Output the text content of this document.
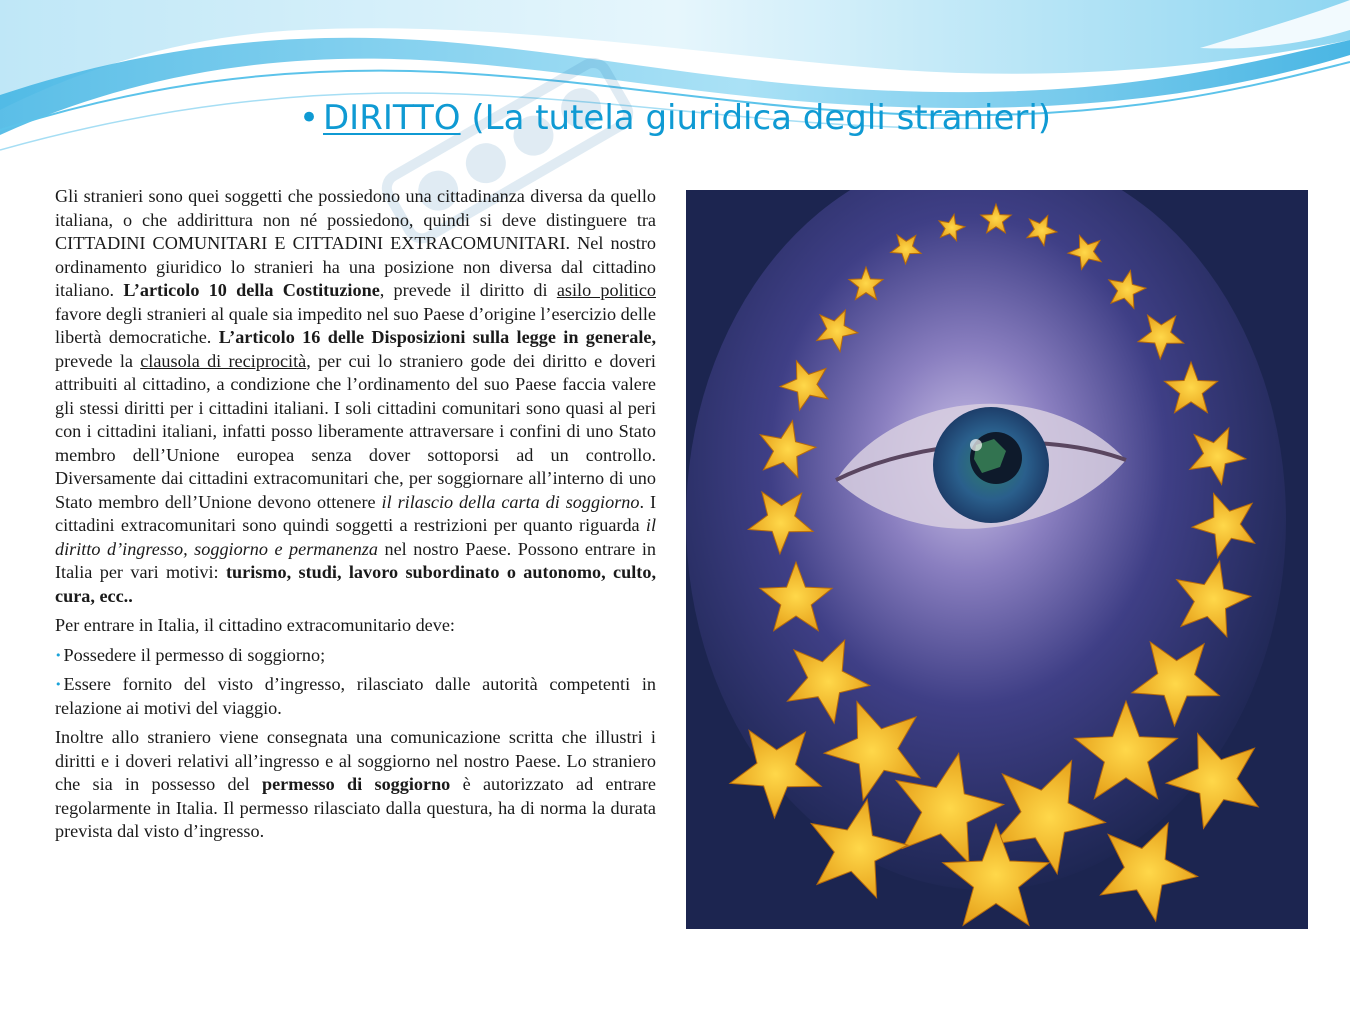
• DIRITTO (La tutela giuridica degli stranieri)

Gli stranieri sono quei soggetti che possiedono una cittadinanza diversa da quello italiana, o che addirittura non né possiedono, quindi si deve distinguere tra CITTADINI COMUNITARI E CITTADINI EXTRACOMUNITARI. Nel nostro ordinamento giuridico lo stranieri ha una posizione non diversa dal cittadino italiano. L’articolo 10 della Costituzione, prevede il diritto di asilo politico favore degli stranieri al quale sia impedito nel suo Paese d’origine l’esercizio delle libertà democratiche. L’articolo 16 delle Disposizioni sulla legge in generale, prevede la clausola di reciprocità, per cui lo straniero gode dei diritto e doveri attribuiti al cittadino, a condizione che l’ordinamento del suo Paese faccia valere gli stessi diritti per i cittadini italiani. I soli cittadini comunitari sono quasi al peri con i cittadini italiani, infatti posso liberamente attraversare i confini di uno Stato membro dell’Unione europea senza dover sottoporsi ad un controllo. Diversamente dai cittadini extracomunitari che, per soggiornare all’interno di uno Stato membro dell’Unione devono ottenere il rilascio della carta di soggiorno. I cittadini extracomunitari sono quindi soggetti a restrizioni per quanto riguarda il diritto d’ingresso, soggiorno e permanenza nel nostro Paese. Possono entrare in Italia per vari motivi: turismo, studi, lavoro subordinato o autonomo, culto, cura, ecc..

Per entrare in Italia, il cittadino extracomunitario deve:

• Possedere il permesso di soggiorno;

• Essere fornito del visto d’ingresso, rilasciato dalle autorità competenti in relazione ai motivi del viaggio.

Inoltre allo straniero viene consegnata una comunicazione scritta che illustri i diritti e i doveri relativi all’ingresso e al soggiorno nel nostro Paese. Lo straniero che sia in possesso del permesso di soggiorno è autorizzato ad entrare regolarmente in Italia. Il permesso rilasciato dalla questura, ha di norma la durata prevista dal visto d’ingresso.
